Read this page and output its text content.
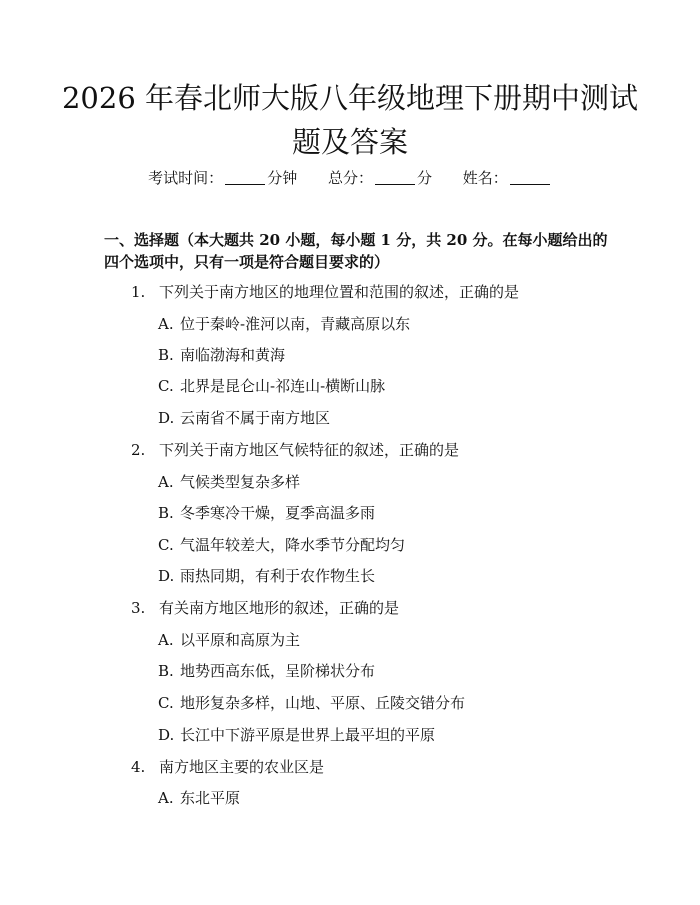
2026 年春北师大版八年级地理下册期中测试
题及答案
考试时间：	分钟 总分：	分 姓名：

一、选择题（本大题共 20 小题，每小题 1 分，共 20 分。在每小题给出的四个选项中，只有一项是符合题目要求的）

1. 下列关于南方地区的地理位置和范围的叙述，正确的是
A. 位于秦岭-淮河以南，青藏高原以东
B. 南临渤海和黄海
C. 北界是昆仑山-祁连山-横断山脉
D. 云南省不属于南方地区
2. 下列关于南方地区气候特征的叙述，正确的是
A. 气候类型复杂多样
B. 冬季寒冷干燥，夏季高温多雨
C. 气温年较差大，降水季节分配均匀
D. 雨热同期，有利于农作物生长
3. 有关南方地区地形的叙述，正确的是
A. 以平原和高原为主
B. 地势西高东低，呈阶梯状分布
C. 地形复杂多样，山地、平原、丘陵交错分布
D. 长江中下游平原是世界上最平坦的平原
4. 南方地区主要的农业区是
A. 东北平原
